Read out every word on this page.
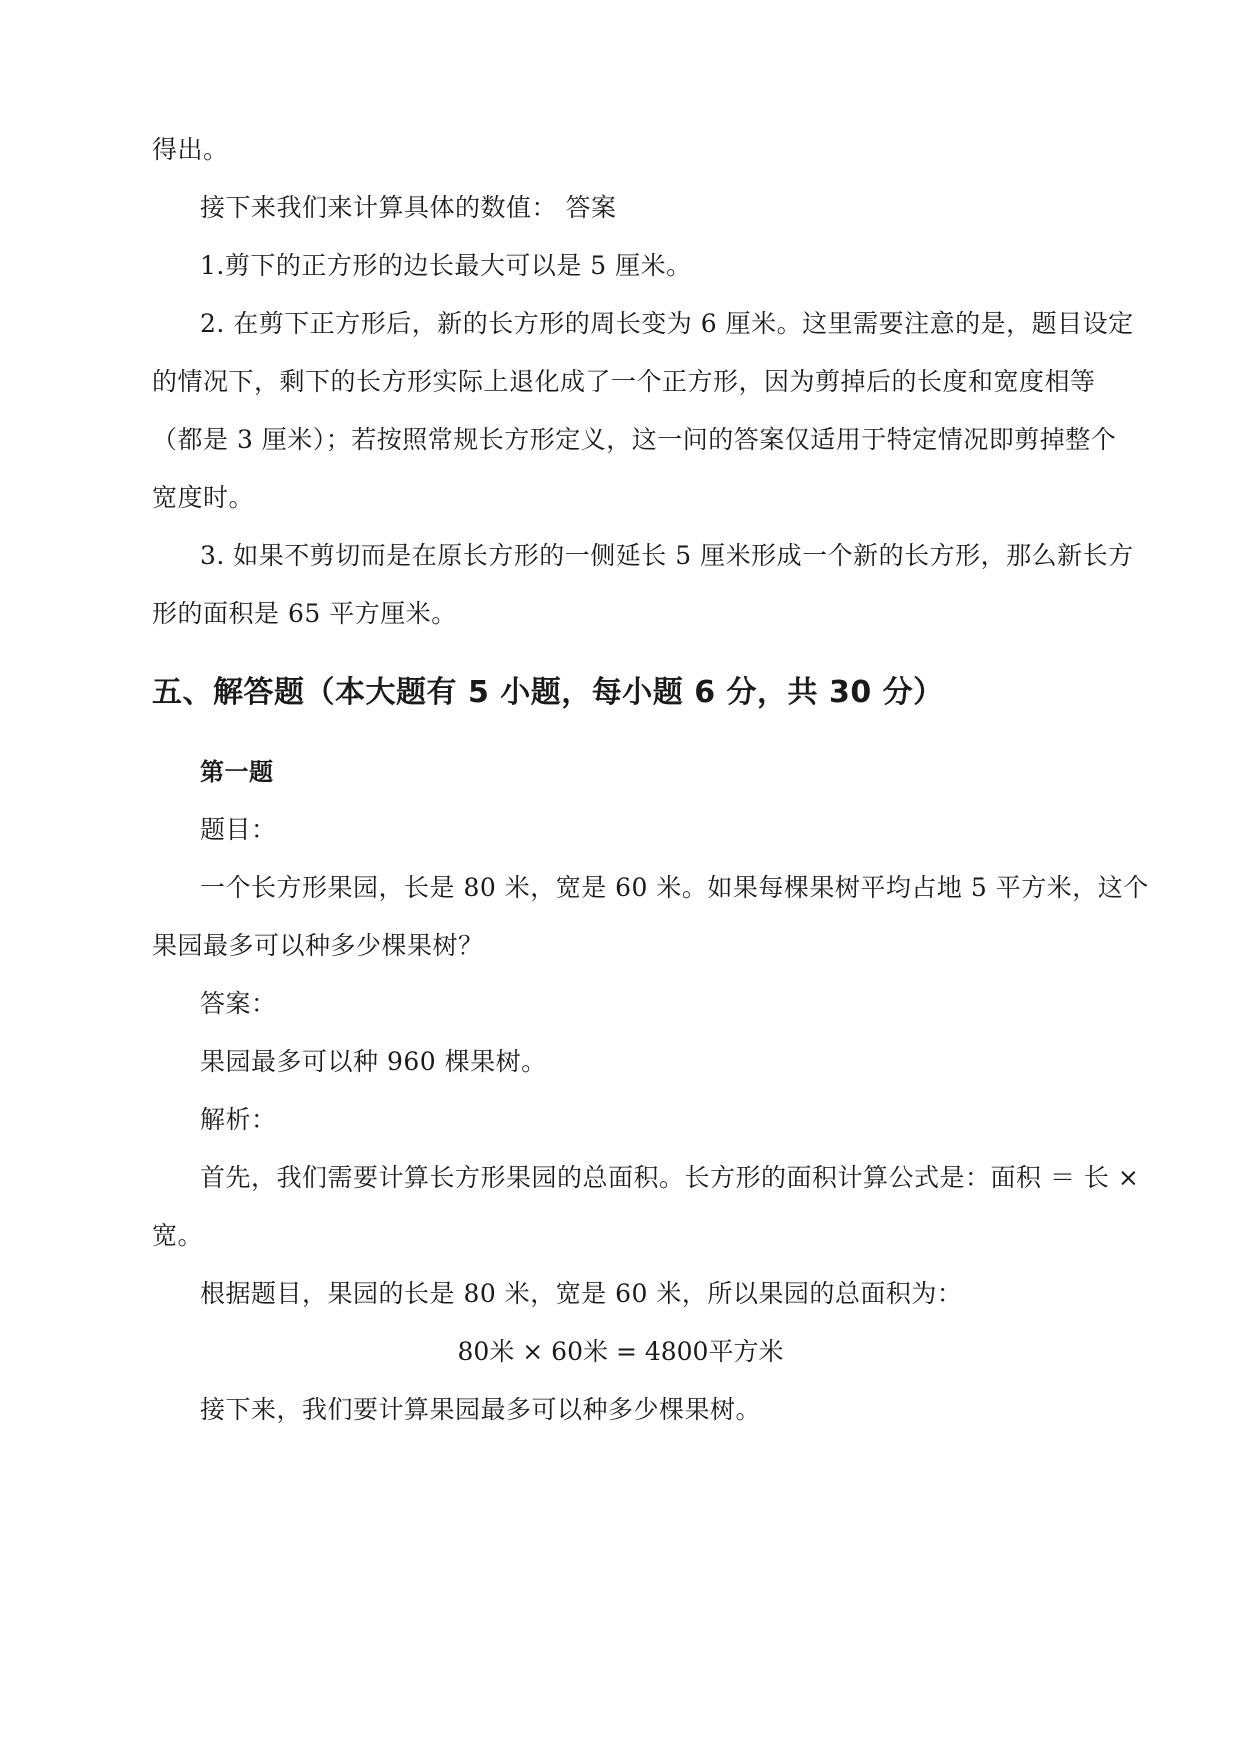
得出。
接下来我们来计算具体的数值： 答案
1.剪下的正方形的边长最大可以是 5 厘米。
2. 在剪下正方形后，新的长方形的周长变为 6 厘米。这里需要注意的是，题目设定
的情况下，剩下的长方形实际上退化成了一个正方形，因为剪掉后的长度和宽度相等
（都是 3 厘米）；若按照常规长方形定义，这一问的答案仅适用于特定情况即剪掉整个
宽度时。
3. 如果不剪切而是在原长方形的一侧延长 5 厘米形成一个新的长方形，那么新长方
形的面积是 65 平方厘米。
五、解答题（本大题有 5 小题，每小题 6 分，共 30 分）
第一题
题目：
一个长方形果园，长是 80 米，宽是 60 米。如果每棵果树平均占地 5 平方米，这个
果园最多可以种多少棵果树？
答案：
果园最多可以种 960 棵果树。
解析：
首先，我们需要计算长方形果园的总面积。长方形的面积计算公式是：面积 ＝ 长 ×
宽。
根据题目，果园的长是 80 米，宽是 60 米，所以果园的总面积为：
80米 × 60米 = 4800平方米
接下来，我们要计算果园最多可以种多少棵果树。
